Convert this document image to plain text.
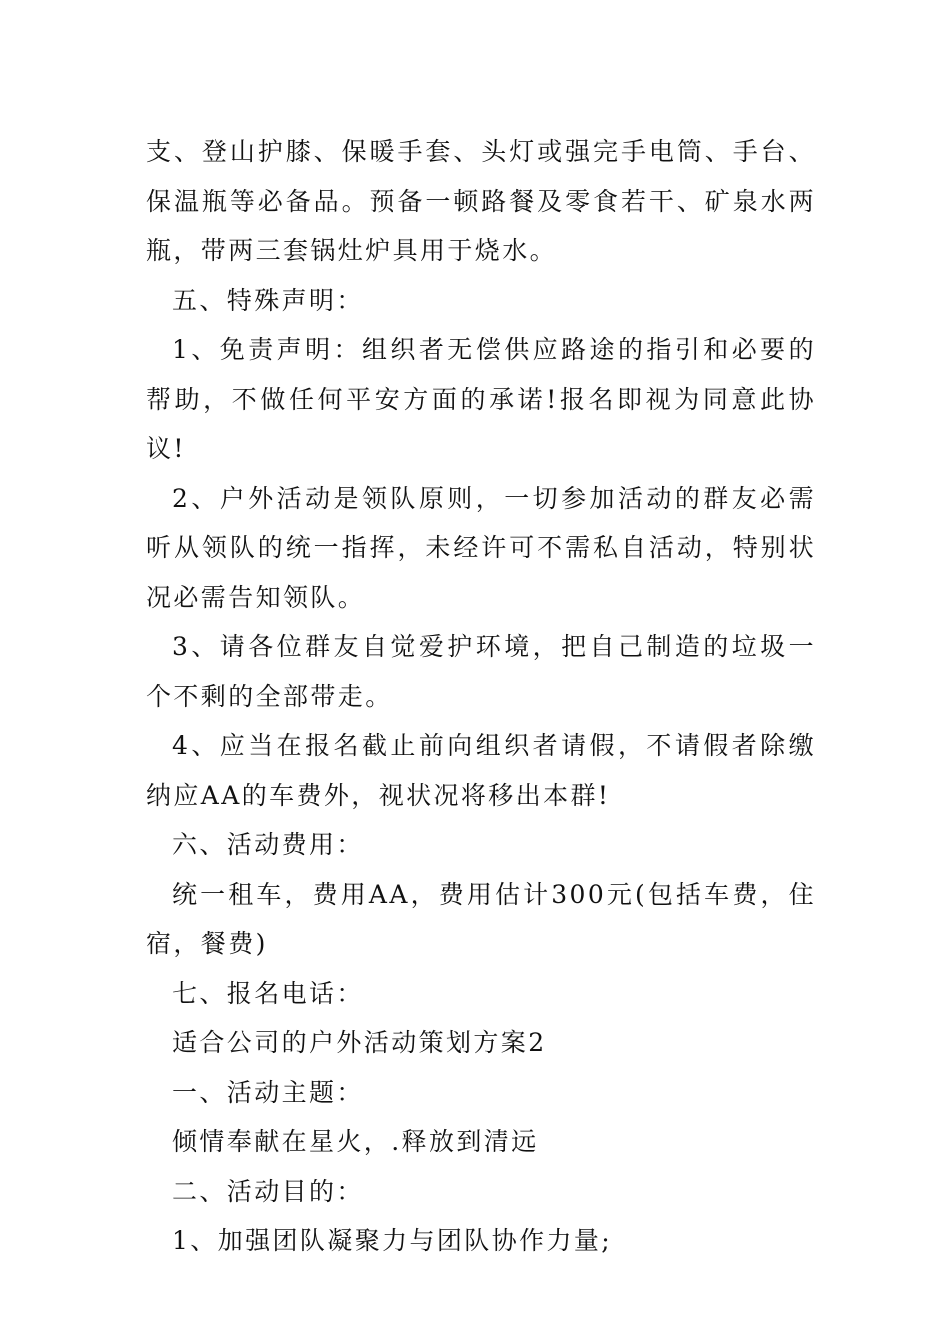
支、登山护膝、保暖手套、头灯或强完手电筒、手台、保温瓶等必备品。预备一顿路餐及零食若干、矿泉水两瓶，带两三套锅灶炉具用于烧水。

五、特殊声明：

1、免责声明：组织者无偿供应路途的指引和必要的帮助，不做任何平安方面的承诺!报名即视为同意此协议!

2、户外活动是领队原则，一切参加活动的群友必需听从领队的统一指挥，未经许可不需私自活动，特别状况必需告知领队。

3、请各位群友自觉爱护环境，把自己制造的垃圾一个不剩的全部带走。

4、应当在报名截止前向组织者请假，不请假者除缴纳应AA的车费外，视状况将移出本群!

六、活动费用：

统一租车，费用AA，费用估计300元(包括车费，住宿，餐费)

七、报名电话：

适合公司的户外活动策划方案2

一、活动主题：

倾情奉献在星火，.释放到清远

二、活动目的：

1、加强团队凝聚力与团队协作力量;
